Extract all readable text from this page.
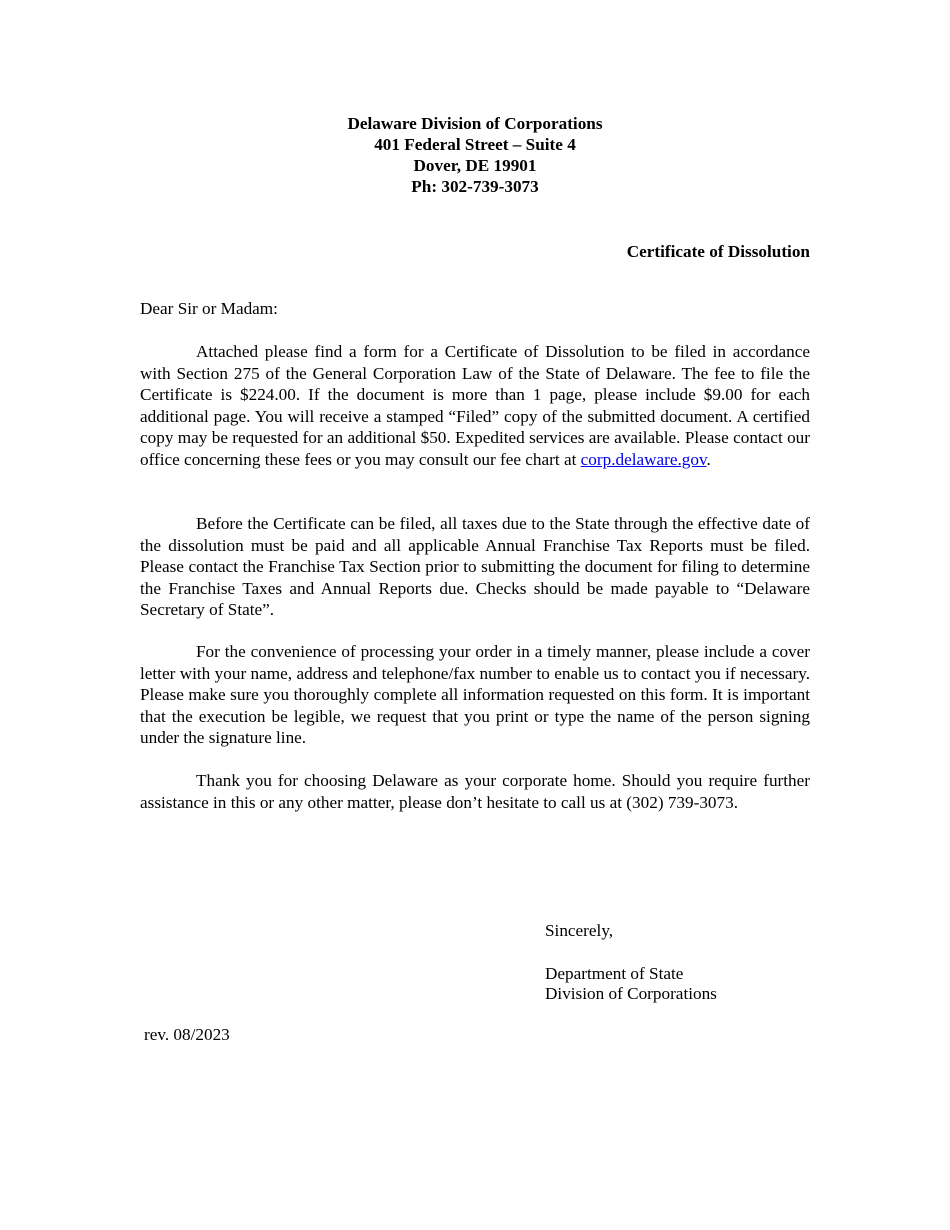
Delaware Division of Corporations
401 Federal Street – Suite 4
Dover, DE 19901
Ph: 302-739-3073
Certificate of Dissolution
Dear Sir or Madam:

Attached please find a form for a Certificate of Dissolution to be filed in accordance with Section 275 of the General Corporation Law of the State of Delaware. The fee to file the Certificate is $224.00. If the document is more than 1 page, please include $9.00 for each additional page. You will receive a stamped “Filed” copy of the submitted document. A certified copy may be requested for an additional $50. Expedited services are available. Please contact our office concerning these fees or you may consult our fee chart at corp.delaware.gov.

Before the Certificate can be filed, all taxes due to the State through the effective date of the dissolution must be paid and all applicable Annual Franchise Tax Reports must be filed. Please contact the Franchise Tax Section prior to submitting the document for filing to determine the Franchise Taxes and Annual Reports due. Checks should be made payable to “Delaware Secretary of State”.

For the convenience of processing your order in a timely manner, please include a cover letter with your name, address and telephone/fax number to enable us to contact you if necessary. Please make sure you thoroughly complete all information requested on this form. It is important that the execution be legible, we request that you print or type the name of the person signing under the signature line.

Thank you for choosing Delaware as your corporate home. Should you require further assistance in this or any other matter, please don’t hesitate to call us at (302) 739-3073.

Sincerely,
Department of State
Division of Corporations
rev. 08/2023
